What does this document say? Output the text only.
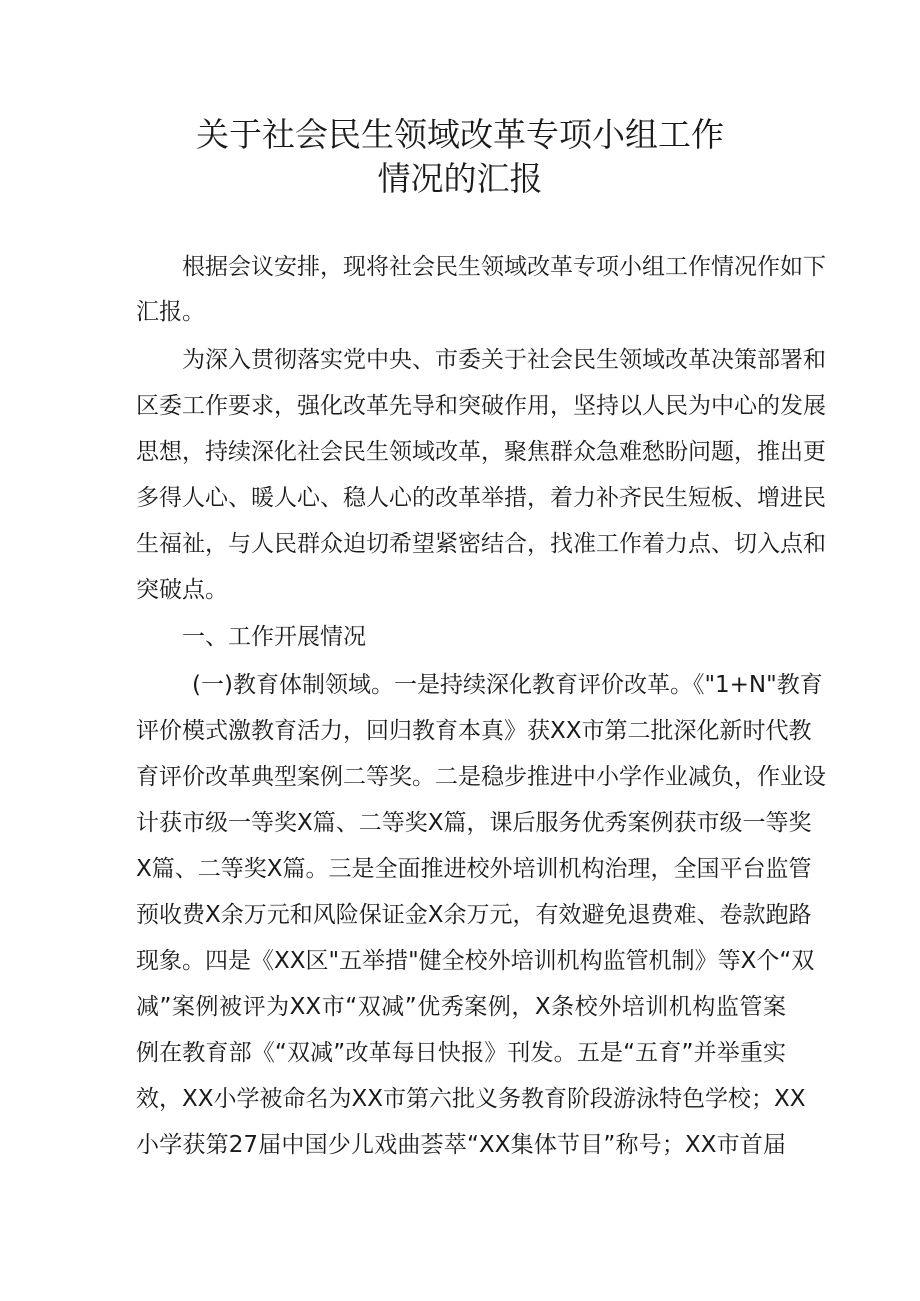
关于社会民生领域改革专项小组工作
情况的汇报
根据会议安排，现将社会民生领域改革专项小组工作情况作如下
汇报。
为深入贯彻落实党中央、市委关于社会民生领域改革决策部署和
区委工作要求，强化改革先导和突破作用，坚持以人民为中心的发展
思想，持续深化社会民生领域改革，聚焦群众急难愁盼问题，推出更
多得人心、暖人心、稳人心的改革举措，着力补齐民生短板、增进民
生福祉，与人民群众迫切希望紧密结合，找准工作着力点、切入点和
突破点。
一、工作开展情况
(一)教育体制领域。一是持续深化教育评价改革。《"1+N"教育
评价模式激教育活力，回归教育本真》获XX市第二批深化新时代教
育评价改革典型案例二等奖。二是稳步推进中小学作业减负，作业设
计获市级一等奖X篇、二等奖X篇，课后服务优秀案例获市级一等奖
X篇、二等奖X篇。三是全面推进校外培训机构治理，全国平台监管
预收费X余万元和风险保证金X余万元，有效避免退费难、卷款跑路
现象。四是《XX区"五举措"健全校外培训机构监管机制》等X个“双
减”案例被评为XX市“双减”优秀案例，X条校外培训机构监管案
例在教育部《“双减”改革每日快报》刊发。五是“五育”并举重实
效，XX小学被命名为XX市第六批义务教育阶段游泳特色学校；XX
小学获第27届中国少儿戏曲荟萃“XX集体节目”称号；XX市首届
